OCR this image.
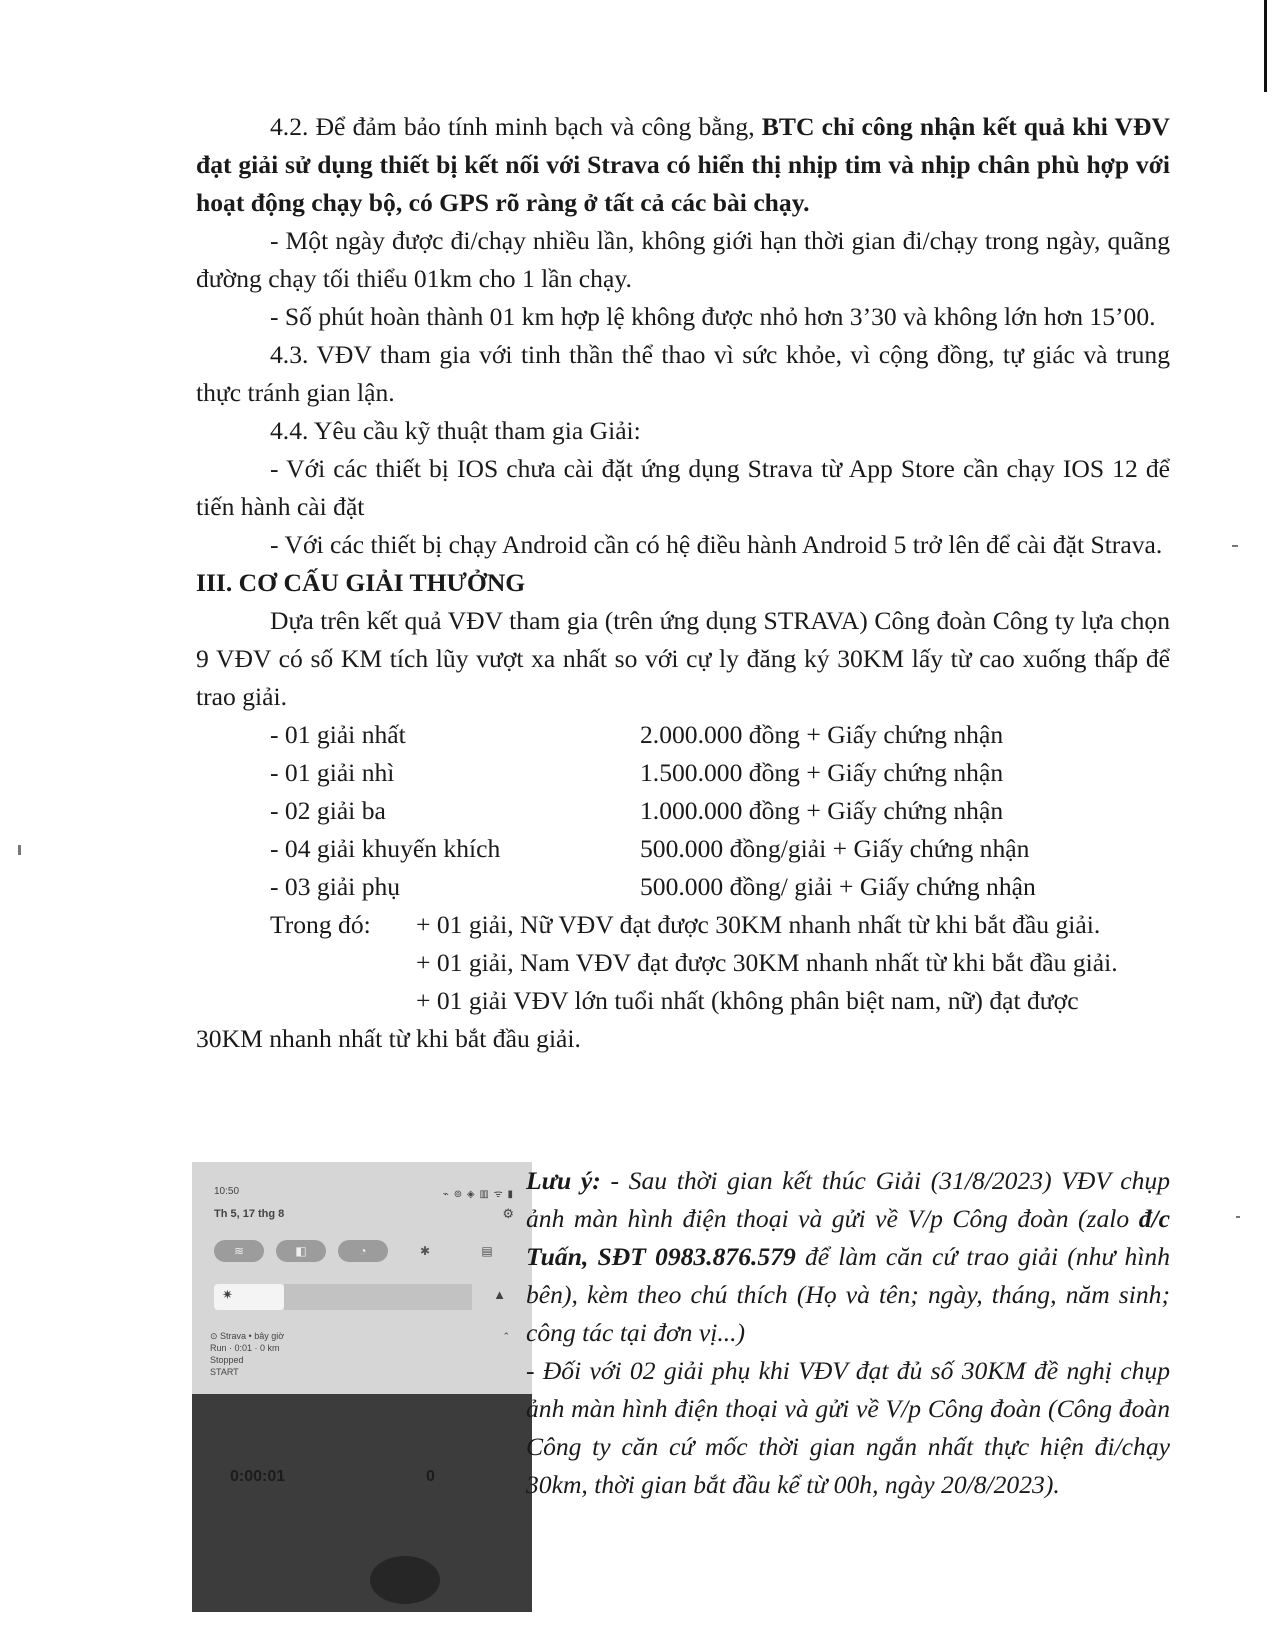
4.2. Để đảm bảo tính minh bạch và công bằng, BTC chỉ công nhận kết quả khi VĐV đạt giải sử dụng thiết bị kết nối với Strava có hiển thị nhịp tim và nhịp chân phù hợp với hoạt động chạy bộ, có GPS rõ ràng ở tất cả các bài chạy.

- Một ngày được đi/chạy nhiều lần, không giới hạn thời gian đi/chạy trong ngày, quãng đường chạy tối thiểu 01km cho 1 lần chạy.

- Số phút hoàn thành 01 km hợp lệ không được nhỏ hơn 3’30 và không lớn hơn 15’00.

4.3. VĐV tham gia với tinh thần thể thao vì sức khỏe, vì cộng đồng, tự giác và trung thực tránh gian lận.

4.4. Yêu cầu kỹ thuật tham gia Giải:

- Với các thiết bị IOS chưa cài đặt ứng dụng Strava từ App Store cần chạy IOS 12 để tiến hành cài đặt

- Với các thiết bị chạy Android cần có hệ điều hành Android 5 trở lên để cài đặt Strava.

III. CƠ CẤU GIẢI THƯỞNG

Dựa trên kết quả VĐV tham gia (trên ứng dụng STRAVA) Công đoàn Công ty lựa chọn 9 VĐV có số KM tích lũy vượt xa nhất so với cự ly đăng ký 30KM lấy từ cao xuống thấp để trao giải.

- 01 giải nhất	2.000.000 đồng + Giấy chứng nhận
- 01 giải nhì	1.500.000 đồng + Giấy chứng nhận
- 02 giải ba	1.000.000 đồng + Giấy chứng nhận
- 04 giải khuyến khích	500.000 đồng/giải + Giấy chứng nhận
- 03 giải phụ	500.000 đồng/ giải + Giấy chứng nhận
Trong đó:	+ 01 giải, Nữ VĐV đạt được 30KM nhanh nhất từ khi bắt đầu giải.
+ 01 giải, Nam VĐV đạt được 30KM nhanh nhất từ khi bắt đầu giải.
+ 01 giải VĐV lớn tuổi nhất (không phân biệt nam, nữ) đạt được
30KM nhanh nhất từ khi bắt đầu giải.
10:50	⌁ ⊚ ◈ ▥ ᯤ ▮
Th 5, 17 thg 8	⚙
≋	◧	◔	✱	▤
✷	▲
⊙ Strava • bây giờ
Run · 0:01 · 0 km
Stopped
START
⌃
0:00:01	0

Lưu ý: - Sau thời gian kết thúc Giải (31/8/2023) VĐV chụp ảnh màn hình điện thoại và gửi về V/p Công đoàn (zalo đ/c Tuấn, SĐT 0983.876.579 để làm căn cứ trao giải (như hình bên), kèm theo chú thích (Họ và tên; ngày, tháng, năm sinh; công tác tại đơn vị...)

- Đối với 02 giải phụ khi VĐV đạt đủ số 30KM đề nghị chụp ảnh màn hình điện thoại và gửi về V/p Công đoàn (Công đoàn Công ty căn cứ mốc thời gian ngắn nhất thực hiện đi/chạy 30km, thời gian bắt đầu kể từ 00h, ngày 20/8/2023).
